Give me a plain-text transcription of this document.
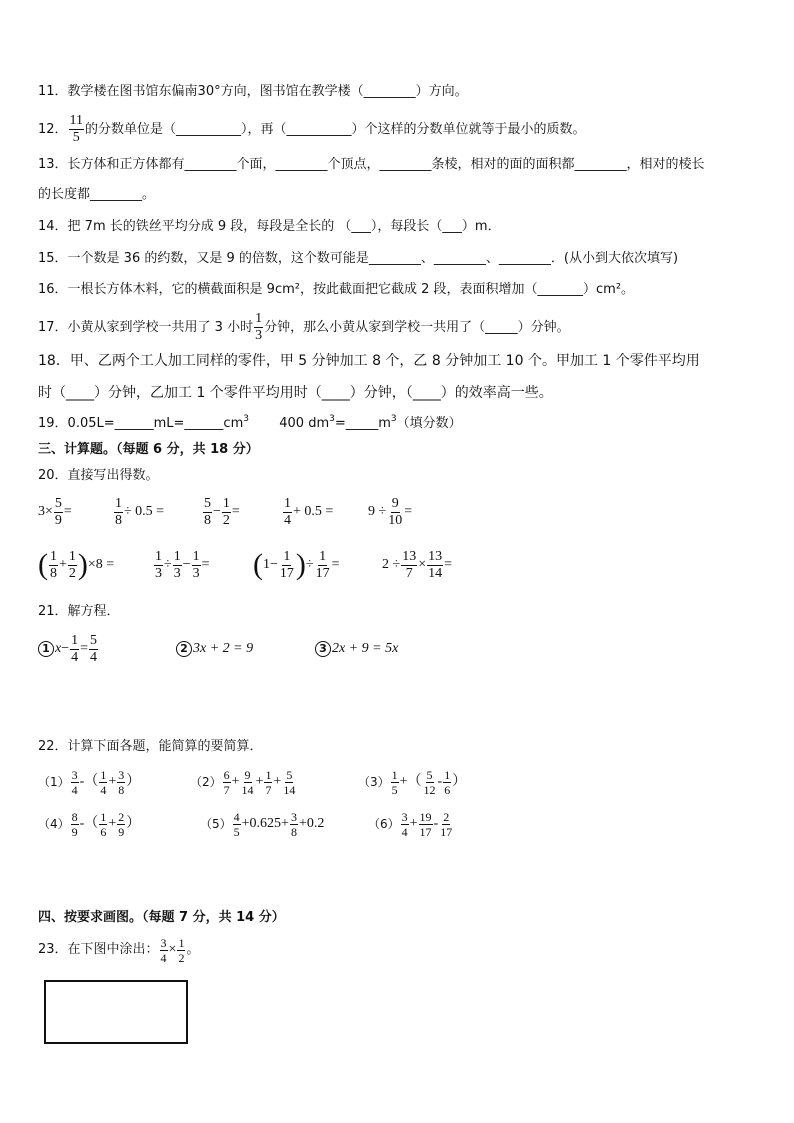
11．教学楼在图书馆东偏南30°方向，图书馆在教学楼（________）方向。
12． $\frac{11}{5}$ 的分数单位是（__________），再（__________）个这样的分数单位就等于最小的质数。
13．长方体和正方体都有________个面，________个顶点，________条棱，相对的面的面积都________，相对的棱长
的长度都________。
14．把 7m 长的铁丝平均分成 9 段，每段是全长的 （___），每段长（___）m．
15．一个数是 36 的约数，又是 9 的倍数，这个数可能是________、________、________．(从小到大依次填写)
16．一根长方体木料，它的横截面积是 9cm²，按此截面把它截成 2 段，表面积增加（_______）cm²。
17．小黄从家到学校一共用了 3 小时 $\frac{1}{3}$ 分钟，那么小黄从家到学校一共用了（_____）分钟。
18．甲、乙两个工人加工同样的零件，甲 5 分钟加工 8 个，乙 8 分钟加工 10 个。甲加工 1 个零件平均用
时（____）分钟，乙加工 1 个零件平均用时（____）分钟，（____）的效率高一些。
19．$0.05L=\_\_\_\_\_\_mL=\_\_\_\_\_\_cm^3$ 400 $dm^3=\_\_\_\_\_m^3$（填分数）
三、计算题。（每题 6 分，共 18 分）
20．直接写出得数。
$3\times \frac{5}{9}$ =	$\frac{1}{8} \div 0.5$ =	$\frac{5}{8} - \frac{1}{2}$ =	$\frac{1}{4} + 0.5 = 9 \div \frac{9}{10}$ =
( $\frac{1}{8} + \frac{1}{2}$ ) ×8 =	$\frac{1}{3} \div \frac{1}{3} - \frac{1}{3}$ = ( $1- \frac{1}{17}$ ) ÷ $\frac{1}{17}$ =	$2 \div \frac{13}{7} \times \frac{13}{14}$ =
21．解方程．
1 $x - \frac{1}{4} = \frac{5}{4}$	2 3x + 2 = 9	3 2x + 9 = 5x
22．计算下面各题，能简算的要简算．
$(1) \frac{3}{4}$ -（ $\frac{1}{4} + \frac{3}{8}$ ）	$(2) \frac{6}{7} + \frac{9}{14} + \frac{1}{7} + \frac{5}{14}$	$(3) \frac{1}{5}$ +（ $\frac{5}{12} - \frac{1}{6}$ ）
$(4) \frac{8}{9}$ -（ $\frac{1}{6} + \frac{2}{9}$ ）	$(5) \frac{4}{5} +0.625+ \frac{3}{8} +0.2$	$(6) \frac{3}{4} + \frac{19}{17} - \frac{2}{17}$
四、按要求画图。（每题 7 分，共 14 分）
23．在下图中涂出： $\frac{3}{4} \times \frac{1}{2}$ 。
